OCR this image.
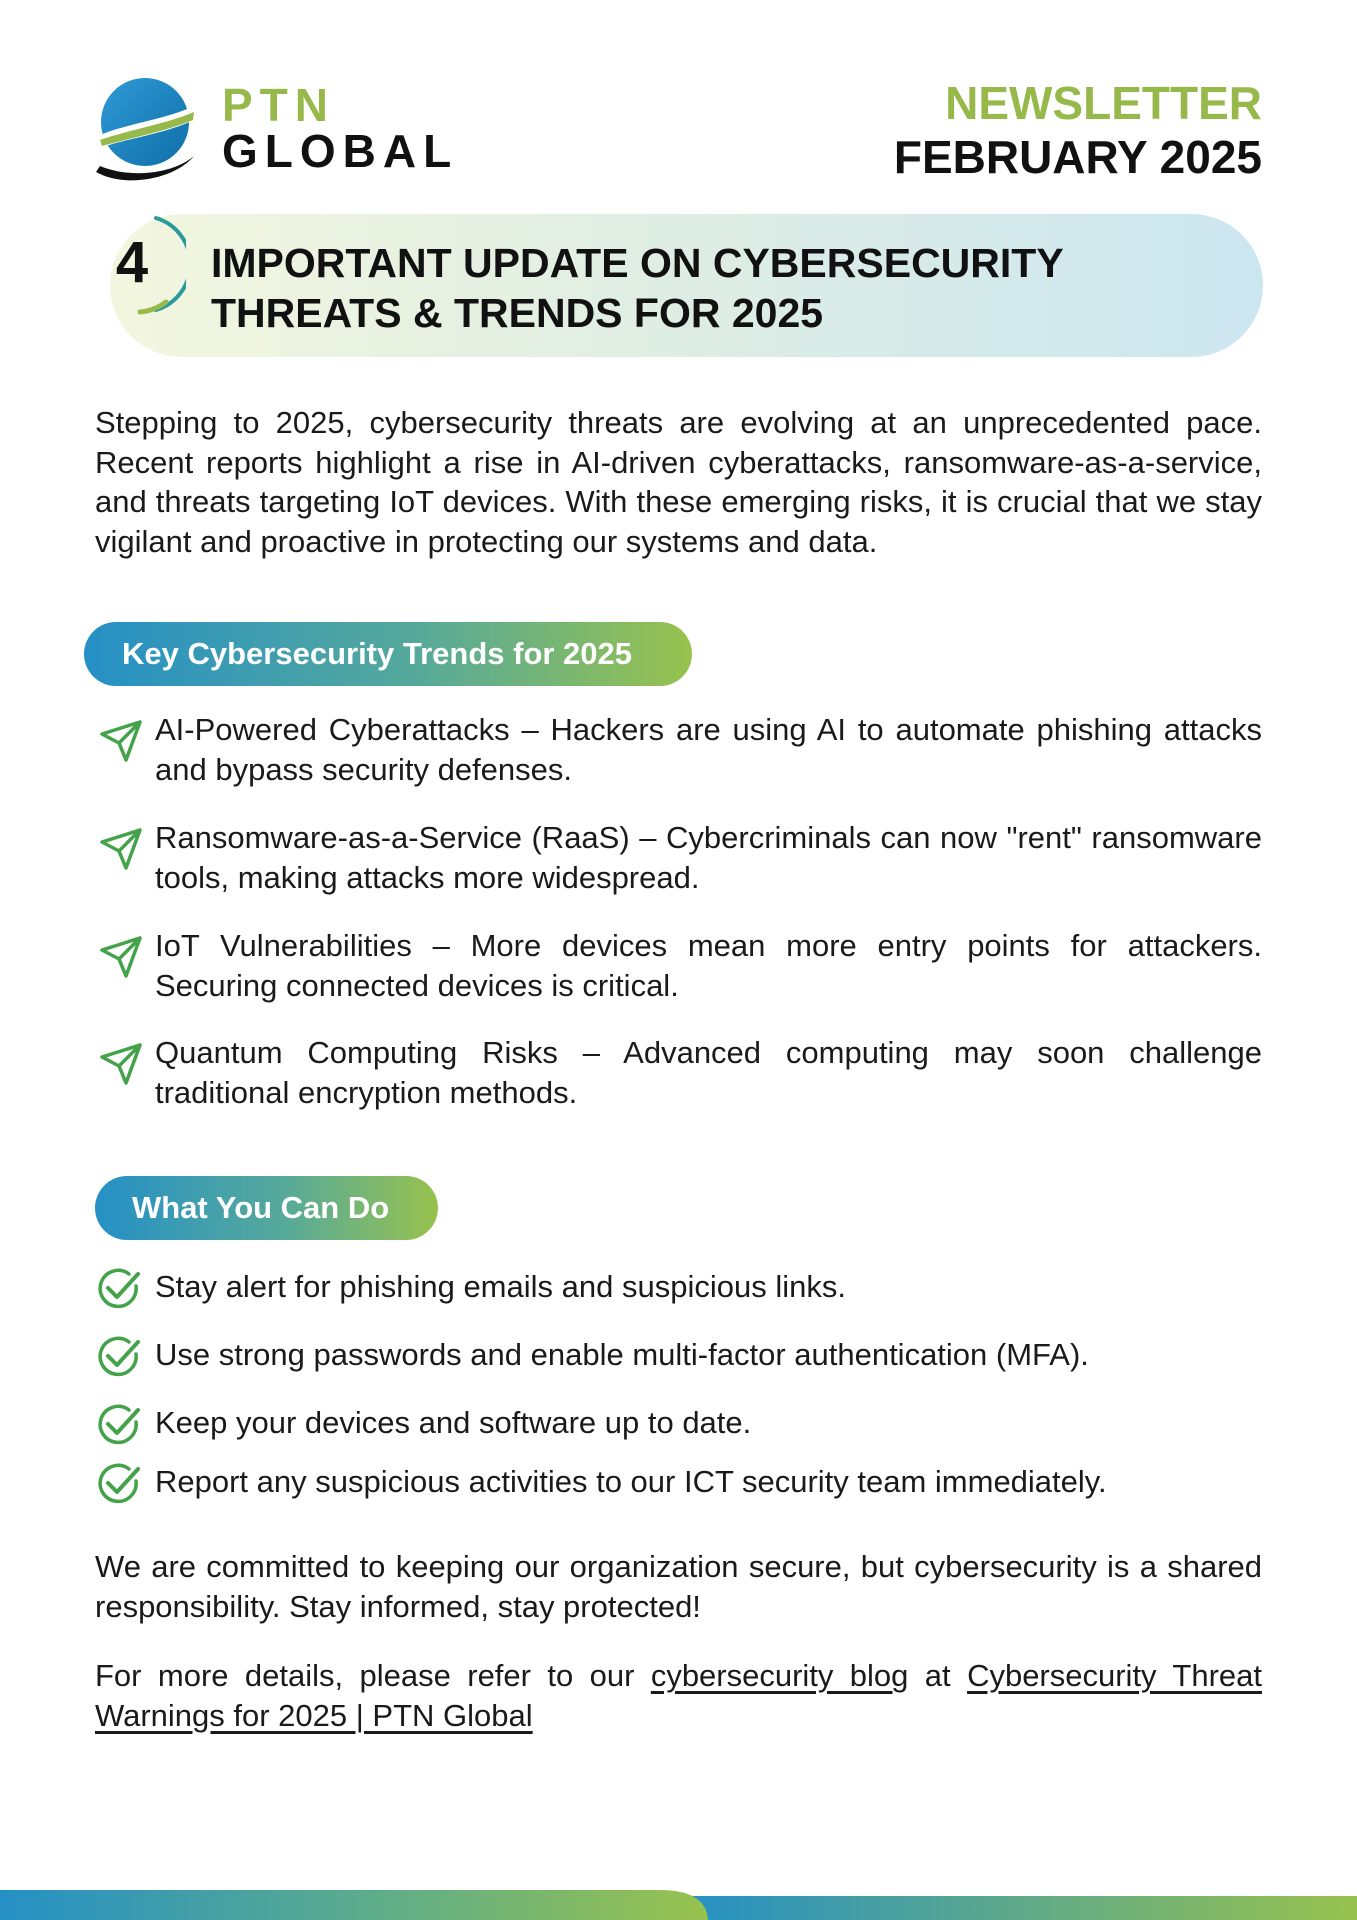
PTN
GLOBAL
NEWSLETTER
FEBRUARY 2025
4 IMPORTANT UPDATE ON CYBERSECURITY
THREATS & TRENDS FOR 2025

Stepping to 2025, cybersecurity threats are evolving at an unprecedented pace. Recent reports highlight a rise in AI-driven cyberattacks, ransomware-as-a-service, and threats targeting IoT devices. With these emerging risks, it is crucial that we stay vigilant and proactive in protecting our systems and data.

Key Cybersecurity Trends for 2025

AI-Powered Cyberattacks – Hackers are using AI to automate phishing attacks and bypass security defenses.

Ransomware-as-a-Service (RaaS) – Cybercriminals can now "rent" ransomware tools, making attacks more widespread.

IoT Vulnerabilities – More devices mean more entry points for attackers. Securing connected devices is critical.

Quantum Computing Risks – Advanced computing may soon challenge traditional encryption methods.

What You Can Do

Stay alert for phishing emails and suspicious links.

Use strong passwords and enable multi-factor authentication (MFA).

Keep your devices and software up to date.

Report any suspicious activities to our ICT security team immediately.

We are committed to keeping our organization secure, but cybersecurity is a shared responsibility. Stay informed, stay protected!

For more details, please refer to our cybersecurity blog at Cybersecurity Threat Warnings for 2025 | PTN Global
